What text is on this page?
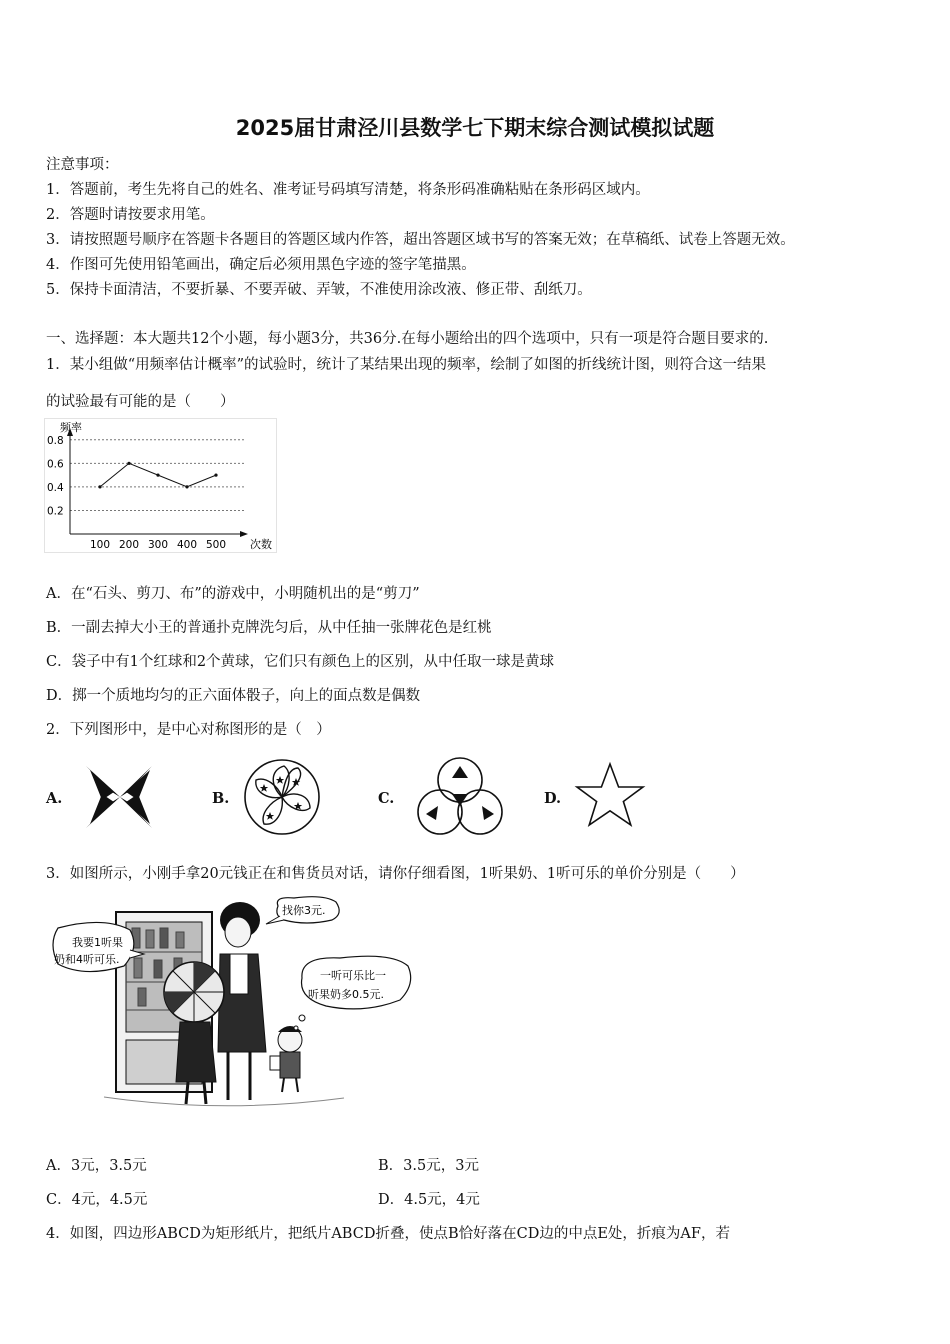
2025届甘肃泾川县数学七下期末综合测试模拟试题
注意事项：
1．答题前，考生先将自己的姓名、准考证号码填写清楚，将条形码准确粘贴在条形码区域内。
2．答题时请按要求用笔。
3．请按照题号顺序在答题卡各题目的答题区域内作答，超出答题区域书写的答案无效；在草稿纸、试卷上答题无效。
4．作图可先使用铅笔画出，确定后必须用黑色字迹的签字笔描黑。
5．保持卡面清洁，不要折暴、不要弄破、弄皱，不准使用涂改液、修正带、刮纸刀。
一、选择题：本大题共12个小题，每小题3分，共36分.在每小题给出的四个选项中，只有一项是符合题目要求的.
1．某小组做“用频率估计概率”的试验时，统计了某结果出现的频率，绘制了如图的折线统计图，则符合这一结果
的试验最有可能的是（　　）
0.8
0.6
0.4
0.2
100 200 300 400 500
频率
次数
A．在“石头、剪刀、布”的游戏中，小明随机出的是“剪刀”
B．一副去掉大小王的普通扑克牌洗匀后，从中任抽一张牌花色是红桃
C．袋子中有1个红球和2个黄球，它们只有颜色上的区别，从中任取一球是黄球
D．掷一个质地均匀的正六面体骰子，向上的面点数是偶数
2．下列图形中，是中心对称图形的是（　）
A.	B.	C.	D.
3．如图所示，小刚手拿20元钱正在和售货员对话，请你仔细看图，1听果奶、1听可乐的单价分别是（　　）
我要1听果
奶和4听可乐.
找你3元.
一听可乐比一
听果奶多0.5元.
A．3元，3.5元	B．3.5元，3元
C．4元，4.5元	D．4.5元，4元
4．如图，四边形ABCD为矩形纸片，把纸片ABCD折叠，使点B恰好落在CD边的中点E处，折痕为AF，若
